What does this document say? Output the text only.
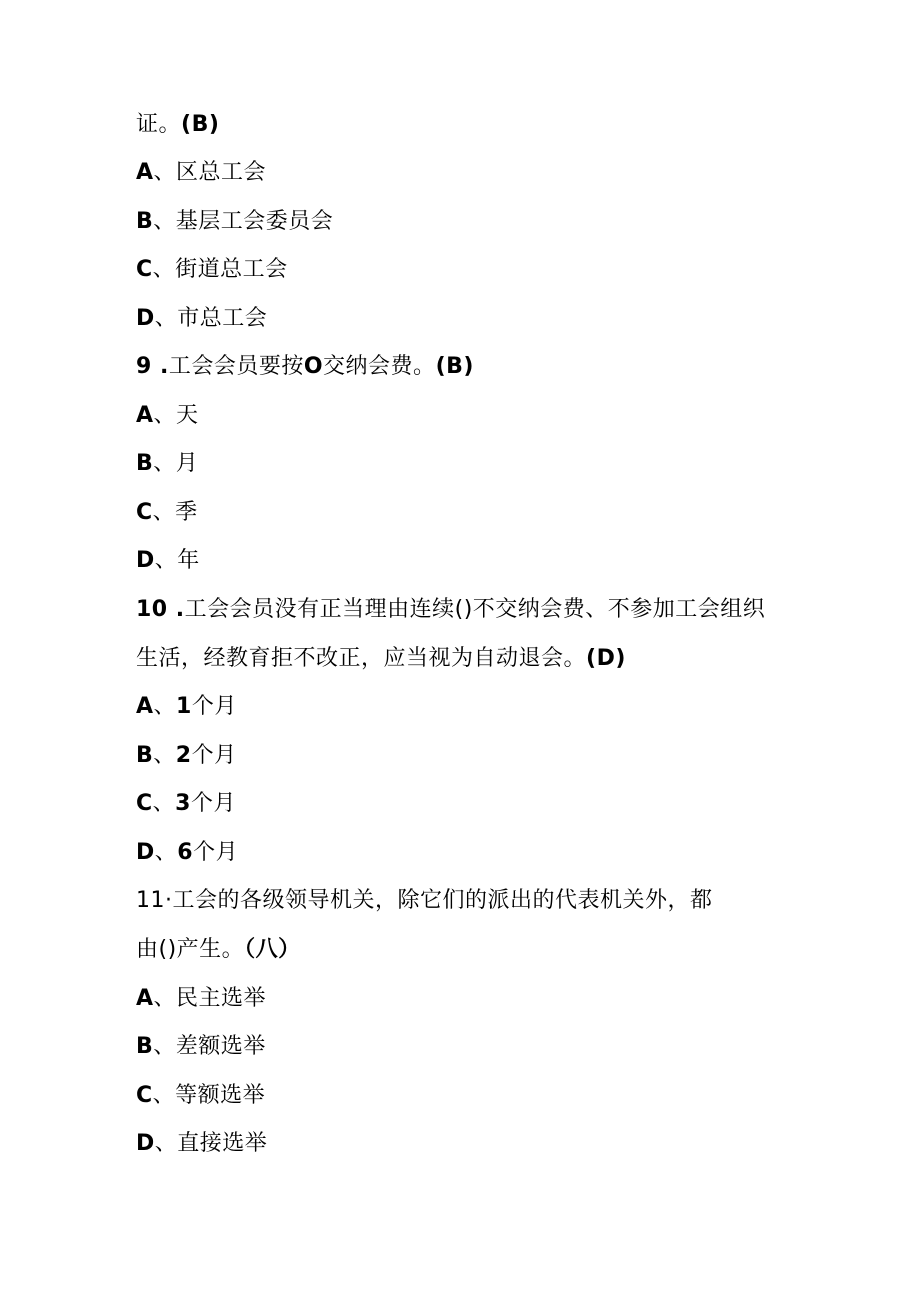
证。(B)
A、区总工会
B、基层工会委员会
C、街道总工会
D、市总工会
9 .工会会员要按O交纳会费。(B)
A、天
B、月
C、季
D、年
10 .工会会员没有正当理由连续()不交纳会费、不参加工会组织
生活，经教育拒不改正，应当视为自动退会。(D)
A、1个月
B、2个月
C、3个月
D、6个月
11·工会的各级领导机关，除它们的派出的代表机关外，都
由()产生。（八）
A、民主选举
B、差额选举
C、等额选举
D、直接选举
